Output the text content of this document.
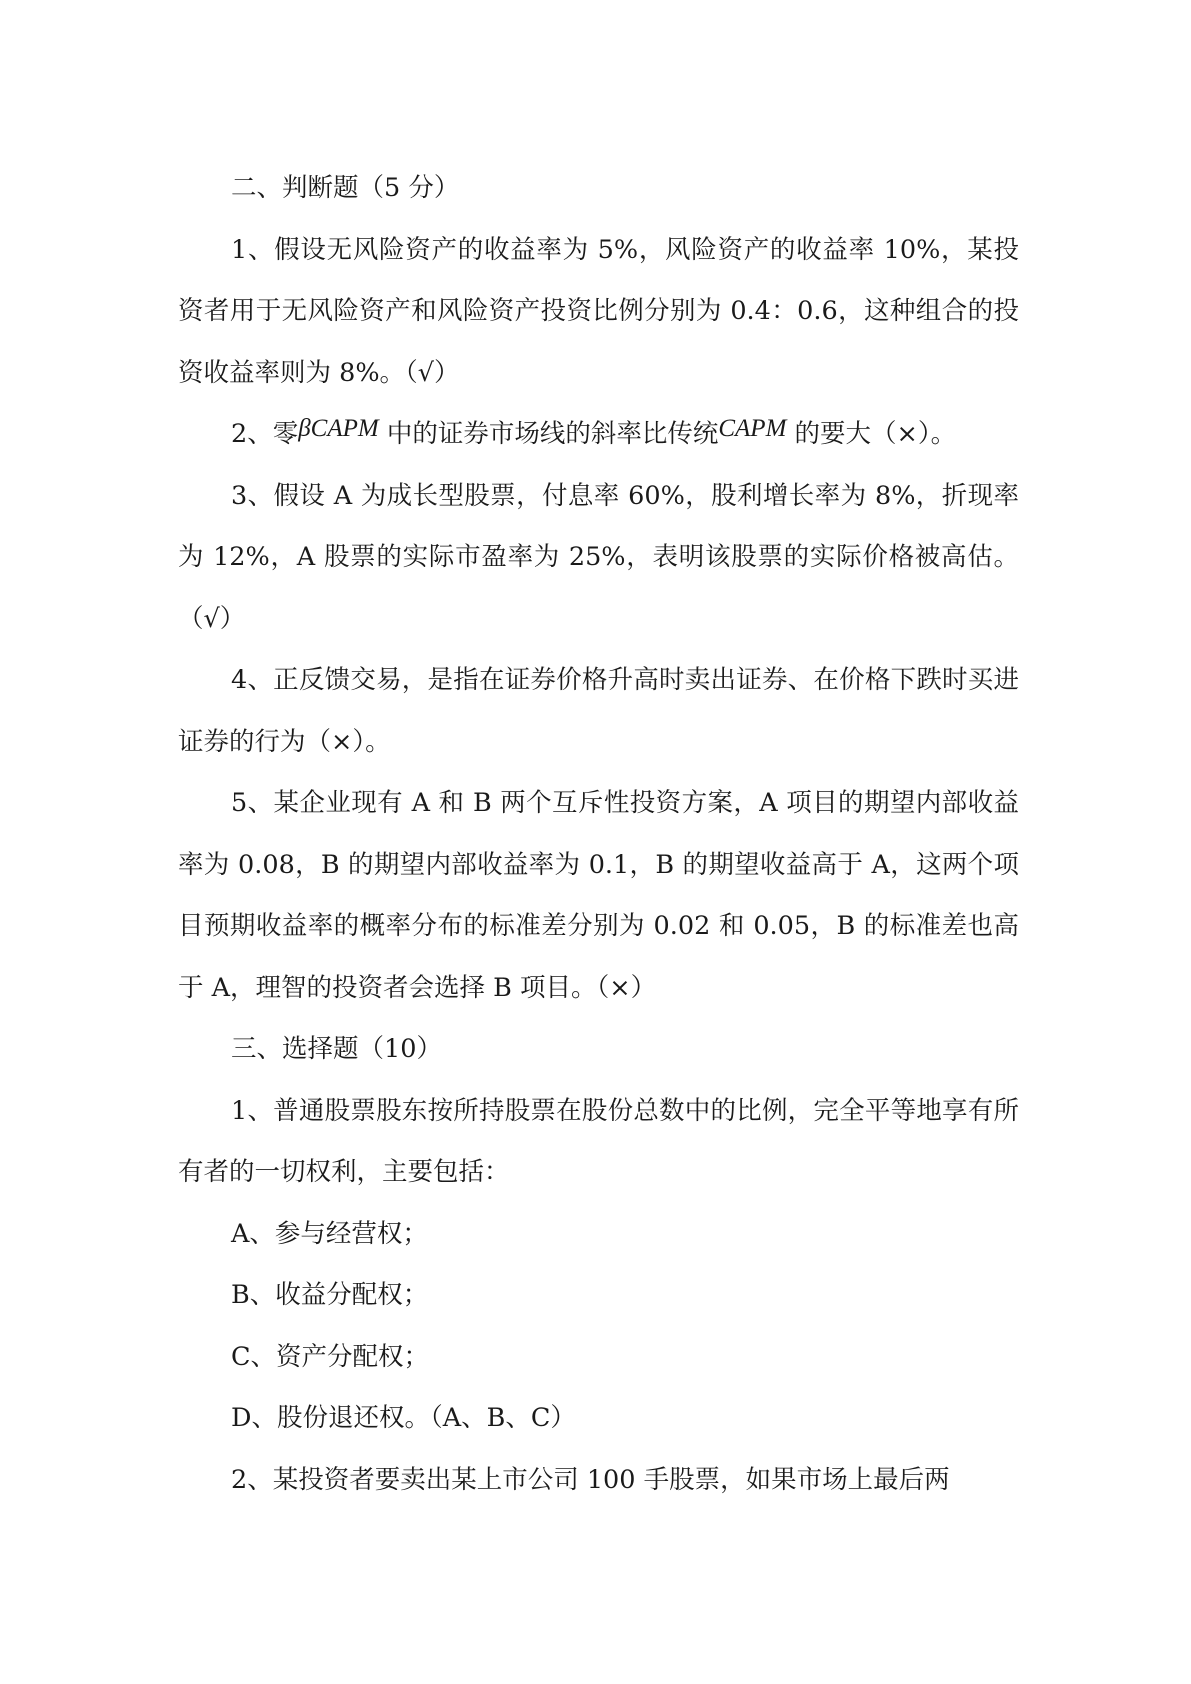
二、判断题（5 分）

1、假设无风险资产的收益率为 5%，风险资产的收益率 10%，某投资者用于无风险资产和风险资产投资比例分别为 0.4：0.6，这种组合的投资收益率则为 8%。（√）

2、零βCAPM 中的证券市场线的斜率比传统CAPM 的要大（×）。

3、假设 A 为成长型股票，付息率 60%，股利增长率为 8%，折现率为 12%，A 股票的实际市盈率为 25%，表明该股票的实际价格被高估。（√）

4、正反馈交易，是指在证券价格升高时卖出证券、在价格下跌时买进证券的行为（×）。

5、某企业现有 A 和 B 两个互斥性投资方案，A 项目的期望内部收益率为 0.08，B 的期望内部收益率为 0.1，B 的期望收益高于 A，这两个项目预期收益率的概率分布的标准差分别为 0.02 和 0.05，B 的标准差也高于 A，理智的投资者会选择 B 项目。（×）

三、选择题（10）

1、普通股票股东按所持股票在股份总数中的比例，完全平等地享有所有者的一切权利，主要包括：

A、参与经营权；

B、收益分配权；

C、资产分配权；

D、股份退还权。（A、B、C）

2、某投资者要卖出某上市公司 100 手股票，如果市场上最后两
